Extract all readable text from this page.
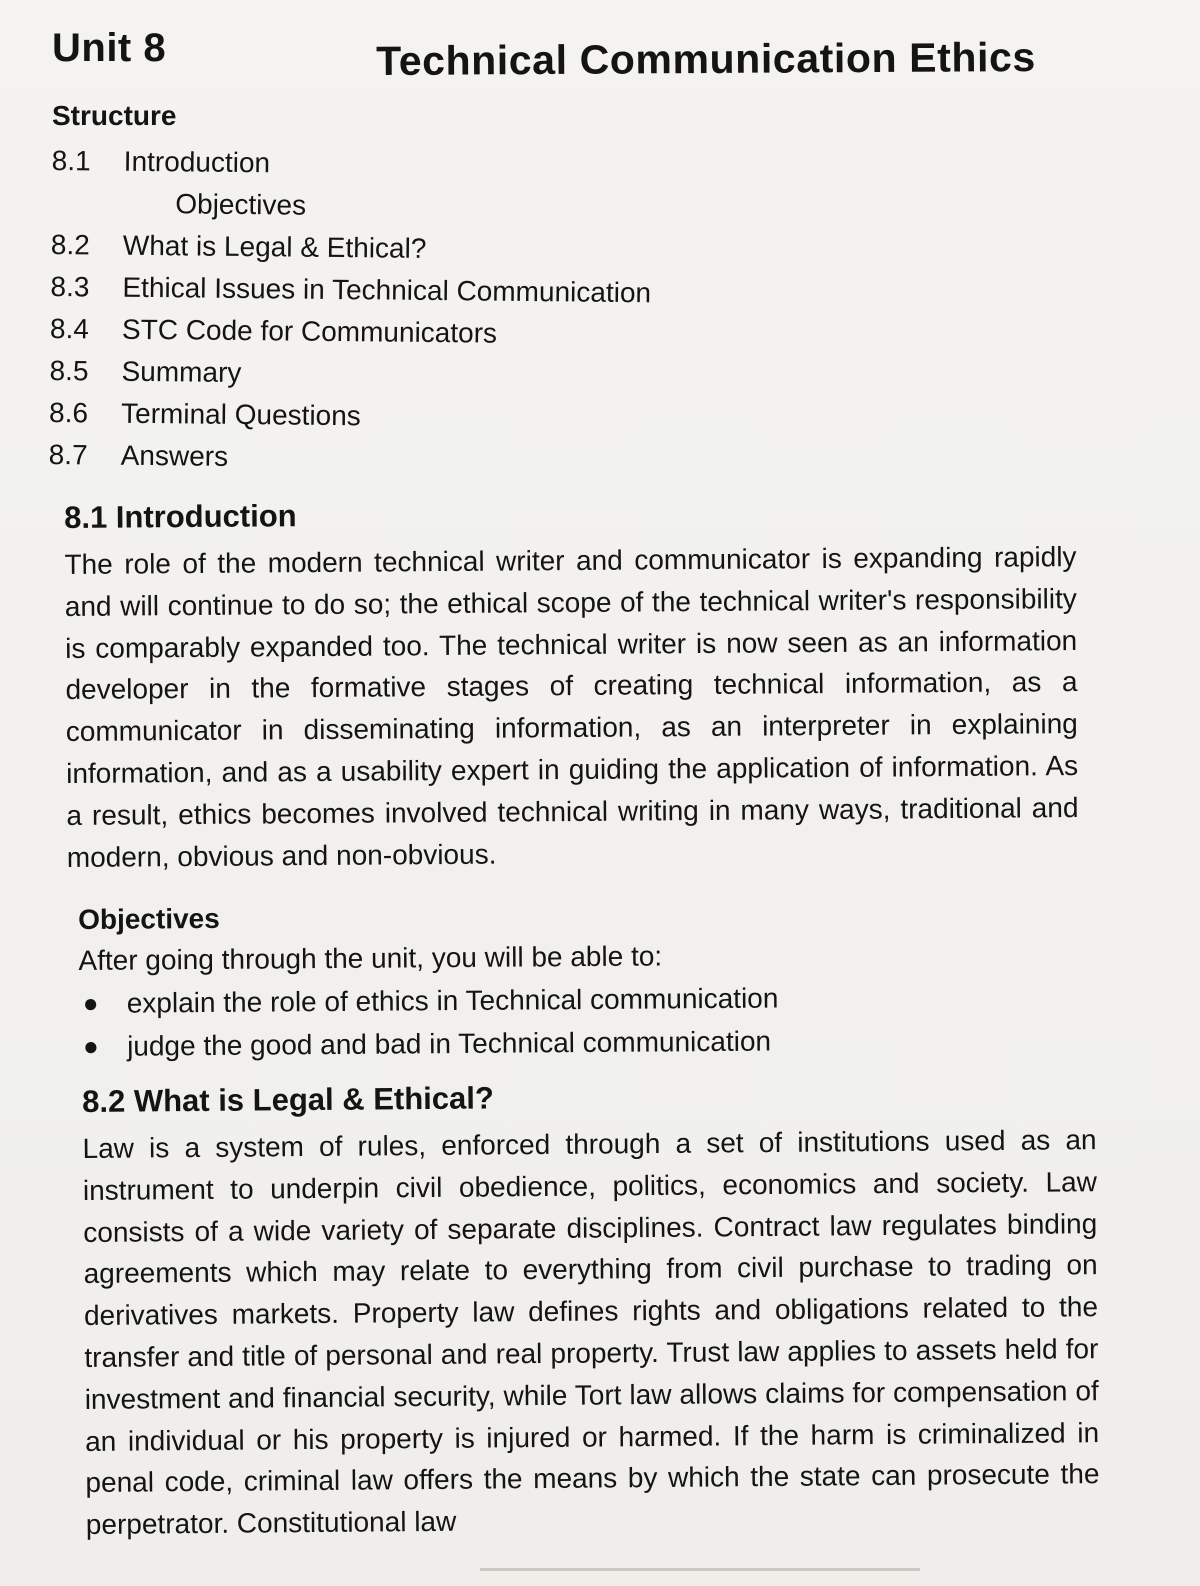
Unit 8	Technical Communication Ethics
Structure
8.1	Introduction
Objectives
8.2	What is Legal & Ethical?
8.3	Ethical Issues in Technical Communication
8.4	STC Code for Communicators
8.5	Summary
8.6	Terminal Questions
8.7	Answers
8.1 Introduction

The role of the modern technical writer and communicator is expanding rapidly and will continue to do so; the ethical scope of the technical writer's responsibility is comparably expanded too. The technical writer is now seen as an information developer in the formative stages of creating technical information, as a communicator in disseminating information, as an interpreter in explaining information, and as a usability expert in guiding the application of information. As a result, ethics becomes involved technical writing in many ways, traditional and modern, obvious and non-obvious.

Objectives

After going through the unit, you will be able to:

● explain the role of ethics in Technical communication
● judge the good and bad in Technical communication
8.2 What is Legal & Ethical?

Law is a system of rules, enforced through a set of institutions used as an instrument to underpin civil obedience, politics, economics and society. Law consists of a wide variety of separate disciplines. Contract law regulates binding agreements which may relate to everything from civil purchase to trading on derivatives markets. Property law defines rights and obligations related to the transfer and title of personal and real property. Trust law applies to assets held for investment and financial security, while Tort law allows claims for compensation of an individual or his property is injured or harmed. If the harm is criminalized in penal code, criminal law offers the means by which the state can prosecute the perpetrator. Constitutional law
